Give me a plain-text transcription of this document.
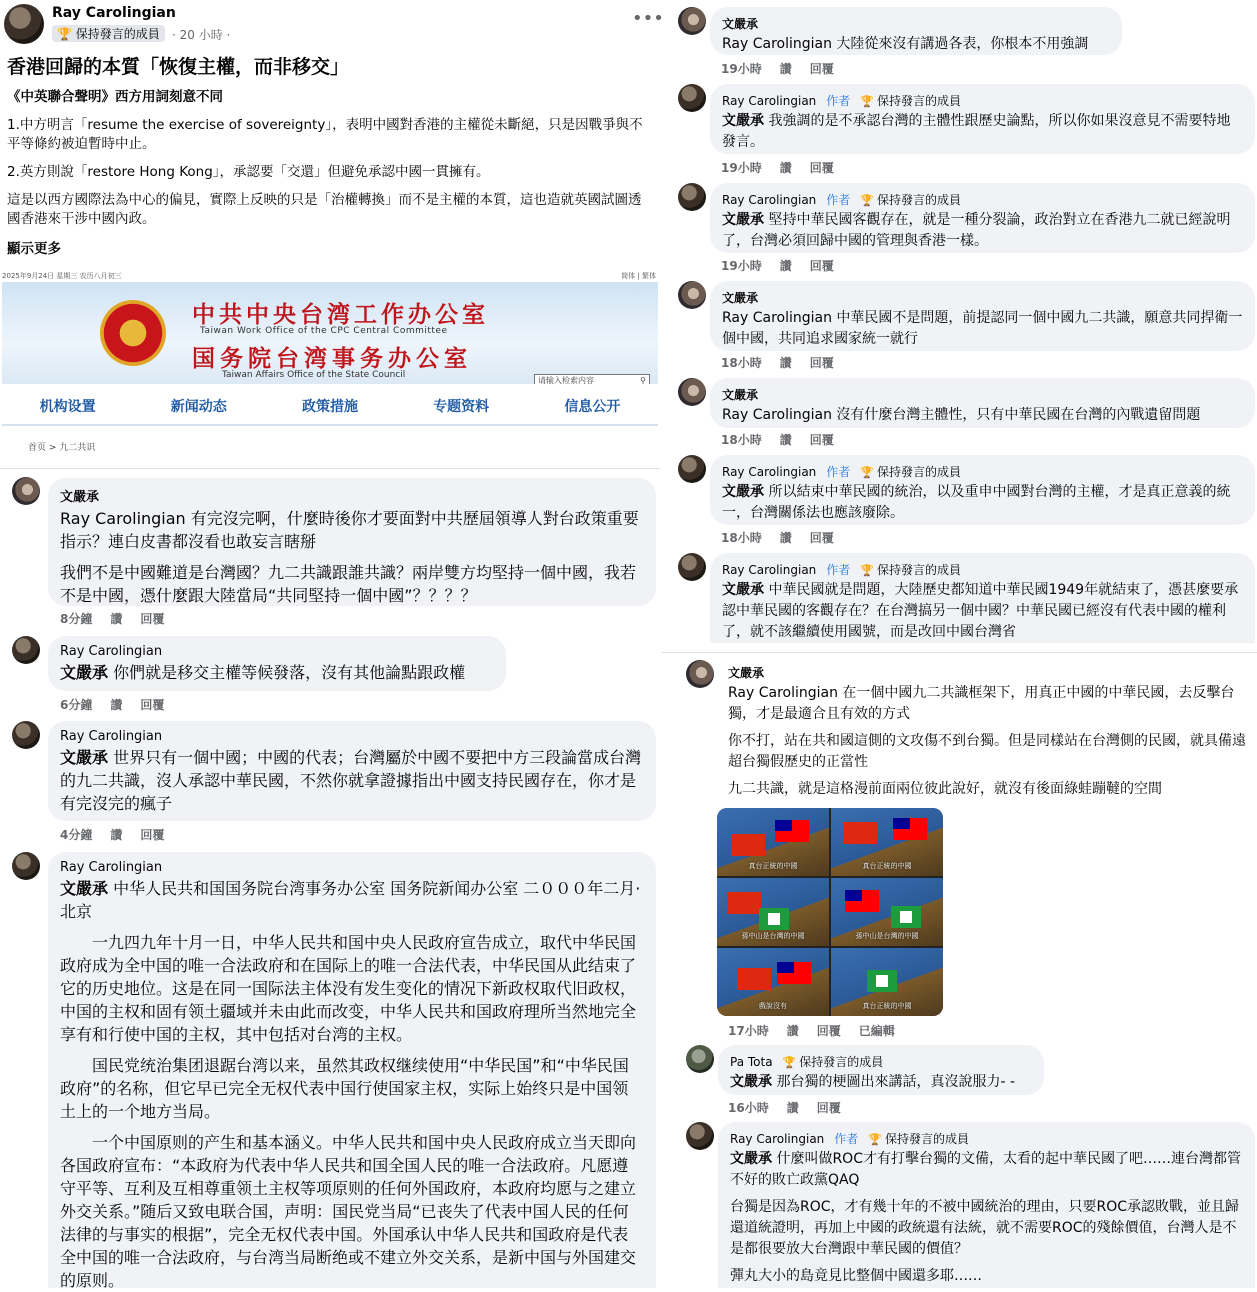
Ray Carolingian
🏆 保持發言的成員	· 20 小時 ·
•••
香港回歸的本質「恢復主權，而非移交」
《中英聯合聲明》西方用詞刻意不同
1.中方明言「resume the exercise of sovereignty」，表明中國對香港的主權從未斷絕，只是因戰爭與不平等條約被迫暫時中止。
2.英方則說「restore Hong Kong」，承認要「交還」但避免承認中國一貫擁有。
這是以西方國際法為中心的偏見，實際上反映的只是「治權轉換」而不是主權的本質，這也造就英國試圖透國香港來干涉中國內政。
顯示更多
2025年9月24日 星期三 农历八月初三	简体 | 繁体
中共中央台湾工作办公室
Taiwan Work Office of the CPC Central Committee
国务院台湾事务办公室
Taiwan Affairs Office of the State Council
请输入检索内容	⚲
机构设置	新闻动态	政策措施	专题资料	信息公开
首页 > 九二共识
文嚴承
Ray Carolingian 有完沒完啊，什麼時後你才要面對中共歷屆領導人對台政策重要指示？連白皮書都沒看也敢妄言瞎掰
我們不是中國難道是台灣國？九二共識跟誰共識？兩岸雙方均堅持一個中國，我若不是中國，憑什麼跟大陸當局“共同堅持一個中國”？？？？
8分鐘 讚 回覆
Ray Carolingian
文嚴承 你們就是移交主權等候發落，沒有其他論點跟政權
6分鐘 讚 回覆
Ray Carolingian
文嚴承 世界只有一個中國；中國的代表；台灣屬於中國不要把中方三段論當成台灣的九二共識，沒人承認中華民國，不然你就拿證據指出中國支持民國存在，你才是有完沒完的瘋子
4分鐘 讚 回覆
Ray Carolingian
文嚴承 中华人民共和国国务院台湾事务办公室 国务院新闻办公室 二０００年二月·北京
一九四九年十月一日，中华人民共和国中央人民政府宣告成立，取代中华民国政府成为全中国的唯一合法政府和在国际上的唯一合法代表，中华民国从此结束了它的历史地位。这是在同一国际法主体没有发生变化的情况下新政权取代旧政权，中国的主权和固有领土疆域并未由此而改变，中华人民共和国政府理所当然地完全享有和行使中国的主权，其中包括对台湾的主权。
国民党统治集团退踞台湾以来，虽然其政权继续使用“中华民国”和“中华民国政府”的名称，但它早已完全无权代表中国行使国家主权，实际上始终只是中国领土上的一个地方当局。
一个中国原则的产生和基本涵义。中华人民共和国中央人民政府成立当天即向各国政府宣布：“本政府为代表中华人民共和国全国人民的唯一合法政府。凡愿遵守平等、互利及互相尊重领土主权等项原则的任何外国政府，本政府均愿与之建立外交关系。”随后又致电联合国，声明：国民党当局“已丧失了代表中国人民的任何法律的与事实的根据”，完全无权代表中国。外国承认中华人民共和国政府是代表全中国的唯一合法政府，与台湾当局断绝或不建立外交关系，是新中国与外国建交的原则。
文嚴承
Ray Carolingian 大陸從來沒有講過各表，你根本不用強調
19小時 讚 回覆
Ray Carolingian 作者 🏆 保持發言的成員
文嚴承 我強調的是不承認台灣的主體性跟歷史論點，所以你如果沒意見不需要特地發言。
19小時 讚 回覆
Ray Carolingian 作者 🏆 保持發言的成員
文嚴承 堅持中華民國客觀存在，就是一種分裂論，政治對立在香港九二就已經說明了，台灣必須回歸中國的管理與香港一樣。
19小時 讚 回覆
文嚴承
Ray Carolingian 中華民國不是問題，前提認同一個中國九二共識，願意共同捍衛一個中國，共同追求國家統一就行
18小時 讚 回覆
文嚴承
Ray Carolingian 沒有什麼台灣主體性，只有中華民國在台灣的內戰遺留問題
18小時 讚 回覆
Ray Carolingian 作者 🏆 保持發言的成員
文嚴承 所以結束中華民國的統治，以及重申中國對台灣的主權，才是真正意義的統一，台灣關係法也應該廢除。
18小時 讚 回覆
Ray Carolingian 作者 🏆 保持發言的成員
文嚴承 中華民國就是問題，大陸歷史都知道中華民國1949年就結束了，憑甚麼要承認中華民國的客觀存在？在台灣搞另一個中國？中華民國已經沒有代表中國的權利了，就不該繼續使用國號，而是改回中國台灣省
文嚴承
Ray Carolingian 在一個中國九二共識框架下，用真正中國的中華民國，去反擊台獨，才是最適合且有效的方式
你不打，站在共和國這側的文攻傷不到台獨。但是同樣站在台灣側的民國，就具備遠超台獨假歷史的正當性
九二共識，就是這格漫前面兩位彼此說好，就沒有後面綠蛙蹦韃的空間
17小時 讚 回覆 已編輯
Pa Tota 🏆 保持發言的成員
文嚴承 那台獨的梗圖出來講話，真沒說服力- -
16小時 讚 回覆
Ray Carolingian 作者 🏆 保持發言的成員
文嚴承 什麼叫做ROC才有打擊台獨的文備，太看的起中華民國了吧……連台灣都管不好的敗亡政黨QAQ
台獨是因為ROC，才有幾十年的不被中國統治的理由，只要ROC承認敗戰，並且歸還道統證明，再加上中國的政統還有法統，就不需要ROC的殘餘價值，台灣人是不是都很要放大台灣跟中華民國的價值？
彈丸大小的島竟見比整個中國還多耶……
真台正統的中國	真台正統的中國
孫中山是台灣的中國	孫中山是台灣的中國
戲說沒有	真台正統的中國
